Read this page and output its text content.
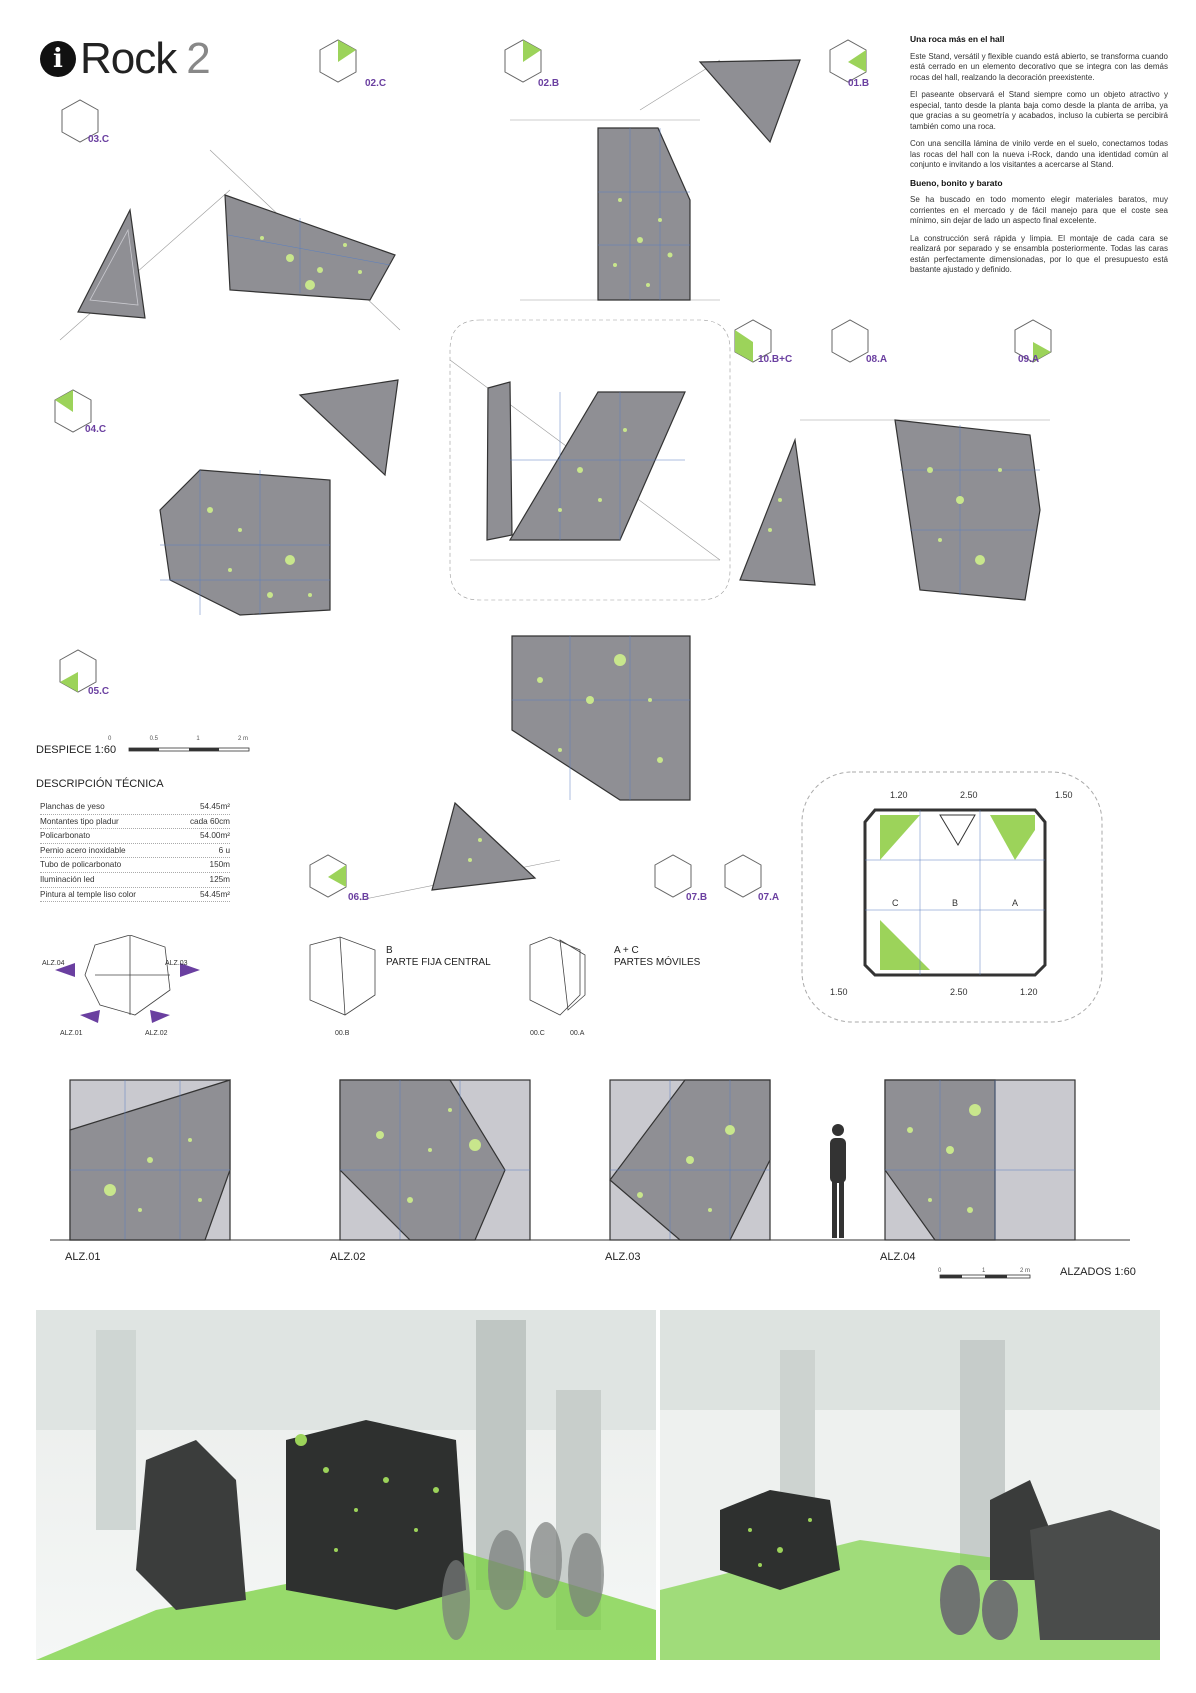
i Rock 2	Una roca más en el hall

Este Stand, versátil y flexible cuando está abierto, se transforma cuando está cerrado en un elemento decorativo que se integra con las demás rocas del hall, realzando la decoración preexistente.

El paseante observará el Stand siempre como un objeto atractivo y especial, tanto desde la planta baja como desde la planta de arriba, ya que gracias a su geometría y acabados, incluso la cubierta se percibirá también como una roca.

Con una sencilla lámina de vinilo verde en el suelo, conectamos todas las rocas del hall con la nueva i-Rock, dando una identidad común al conjunto e invitando a los visitantes a acercarse al Stand.

Bueno, bonito y barato

Se ha buscado en todo momento elegir materiales baratos, muy corrientes en el mercado y de fácil manejo para que el coste sea mínimo, sin dejar de lado un aspecto final excelente.

La construcción será rápida y limpia. El montaje de cada cara se realizará por separado y se ensambla posteriormente. Todas las caras están perfectamente dimensionadas, por lo que el presupuesto está bastante ajustado y definido.

01.B
02.B
02.C
03.C
04.C
05.C
06.B	07.B	07.A
08.A	09.A
10.B+C
DESPIECE 1:60
0	0.5	1	2 m
DESCRIPCIÓN TÉCNICA
Planchas de yeso	54.45m²
Montantes tipo pladur	cada 60cm
Policarbonato	54.00m²
Pernio acero inoxidable	6 u
Tubo de policarbonato	150m
Iluminación led	125m
Pintura al temple liso color	54.45m²
C	B	A
1.20	2.50	1.50
1.50	2.50	1.20
ALZ.04	ALZ.03
ALZ.01	ALZ.02	00.B	00.C	00.A
B
PARTE FIJA CENTRAL
A + C
PARTES MÓVILES
ALZ.01	ALZ.02	ALZ.03	ALZ.04
ALZADOS 1:60
0	1	2 m
